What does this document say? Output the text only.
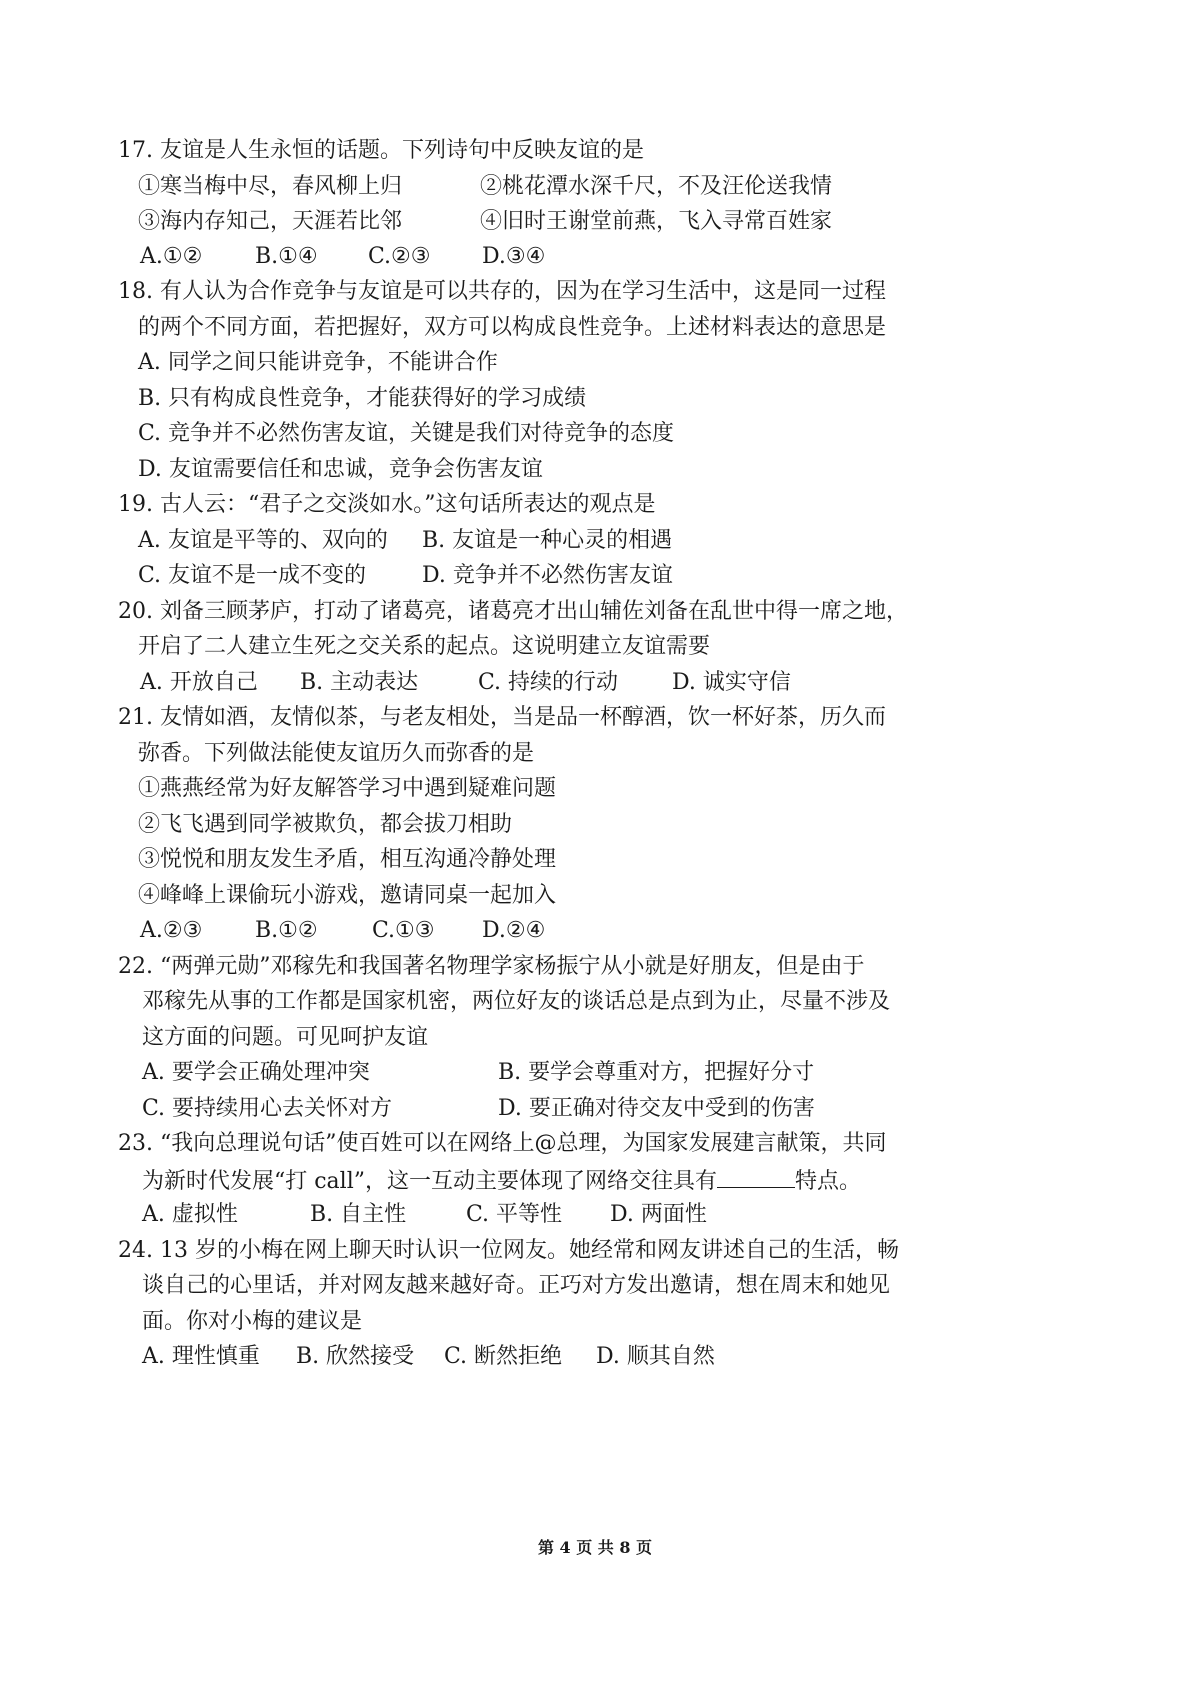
17. 友谊是人生永恒的话题。下列诗句中反映友谊的是
①寒当梅中尽，春风柳上归	②桃花潭水深千尺，不及汪伦送我情
③海内存知己，天涯若比邻	④旧时王谢堂前燕，飞入寻常百姓家
A.①② B.①④ C.②③ D.③④
18. 有人认为合作竞争与友谊是可以共存的，因为在学习生活中，这是同一过程
的两个不同方面，若把握好，双方可以构成良性竞争。上述材料表达的意思是
A. 同学之间只能讲竞争，不能讲合作
B. 只有构成良性竞争，才能获得好的学习成绩
C. 竞争并不必然伤害友谊，关键是我们对待竞争的态度
D. 友谊需要信任和忠诚，竞争会伤害友谊
19. 古人云：“君子之交淡如水。”这句话所表达的观点是
A. 友谊是平等的、双向的 B. 友谊是一种心灵的相遇
C. 友谊不是一成不变的	D. 竞争并不必然伤害友谊
20. 刘备三顾茅庐，打动了诸葛亮，诸葛亮才出山辅佐刘备在乱世中得一席之地，
开启了二人建立生死之交关系的起点。这说明建立友谊需要
A. 开放自己 B. 主动表达	C. 持续的行动 D. 诚实守信
21. 友情如酒，友情似茶，与老友相处，当是品一杯醇酒，饮一杯好茶，历久而
弥香。下列做法能使友谊历久而弥香的是
①燕燕经常为好友解答学习中遇到疑难问题
②飞飞遇到同学被欺负，都会拔刀相助
③悦悦和朋友发生矛盾，相互沟通冷静处理
④峰峰上课偷玩小游戏，邀请同桌一起加入
A.②③ B.①② C.①③ D.②④
22. “两弹元勋”邓稼先和我国著名物理学家杨振宁从小就是好朋友，但是由于
邓稼先从事的工作都是国家机密，两位好友的谈话总是点到为止，尽量不涉及
这方面的问题。可见呵护友谊
A. 要学会正确处理冲突	B. 要学会尊重对方，把握好分寸
C. 要持续用心去关怀对方	D. 要正确对待交友中受到的伤害
23. “我向总理说句话”使百姓可以在网络上@总理，为国家发展建言献策，共同
为新时代发展“打 call”，这一互动主要体现了网络交往具有	特点。
A. 虚拟性	B. 自主性	C. 平等性 D. 两面性
24. 13 岁的小梅在网上聊天时认识一位网友。她经常和网友讲述自己的生活，畅
谈自己的心里话，并对网友越来越好奇。正巧对方发出邀请，想在周末和她见
面。你对小梅的建议是
A. 理性慎重 B. 欣然接受 C. 断然拒绝 D. 顺其自然
第 4 页 共 8 页
